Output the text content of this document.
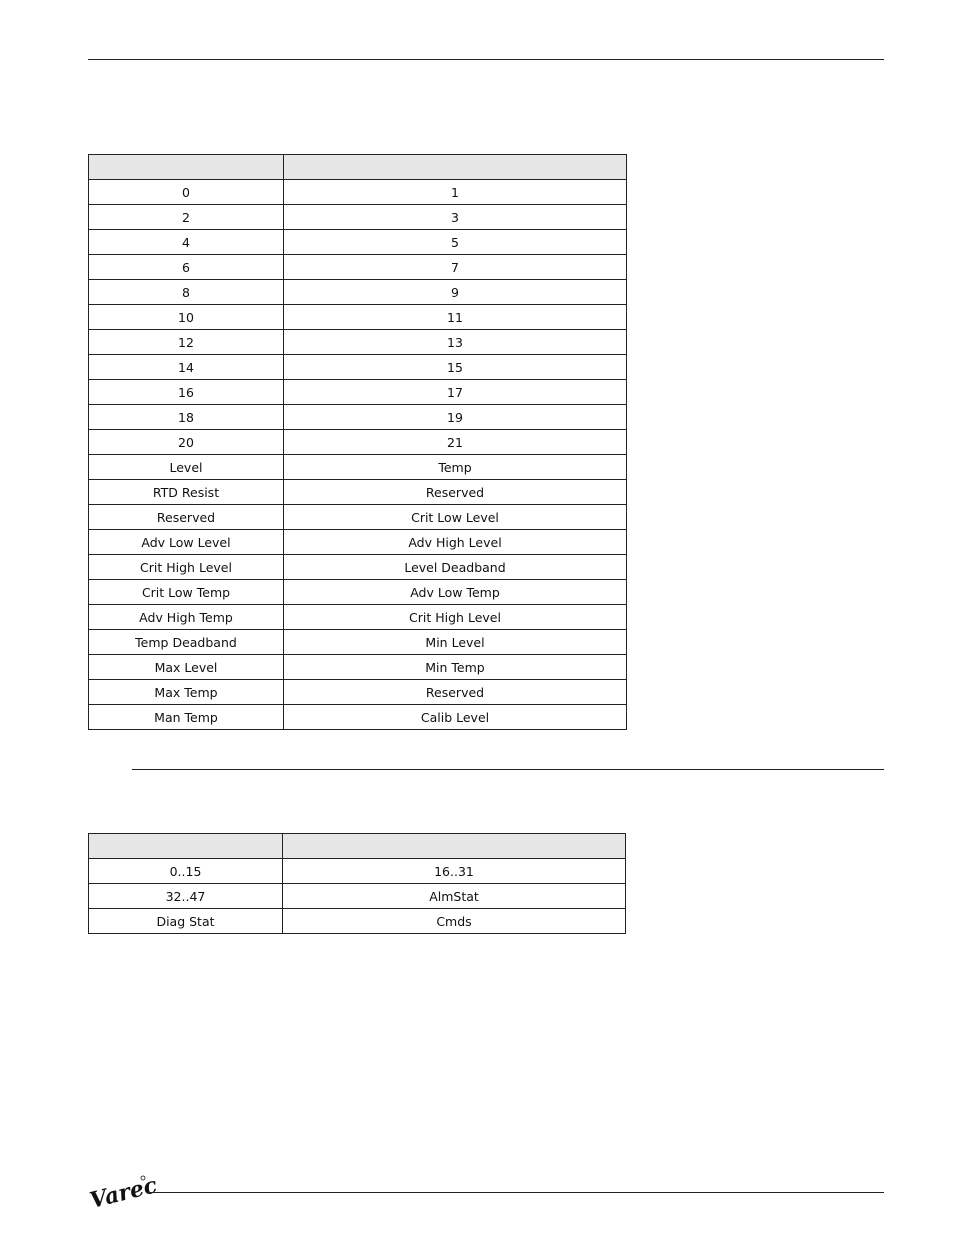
0	1
2	3
4	5
6	7
8	9
10	11
12	13
14	15
16	17
18	19
20	21
Level	Temp
RTD Resist	Reserved
Reserved	Crit Low Level
Adv Low Level	Adv High Level
Crit High Level	Level Deadband
Crit Low Temp	Adv Low Temp
Adv High Temp	Crit High Level
Temp Deadband	Min Level
Max Level	Min Temp
Max Temp	Reserved
Man Temp	Calib Level

0..15	16..31
32..47	AlmStat
Diag Stat	Cmds
Varec
